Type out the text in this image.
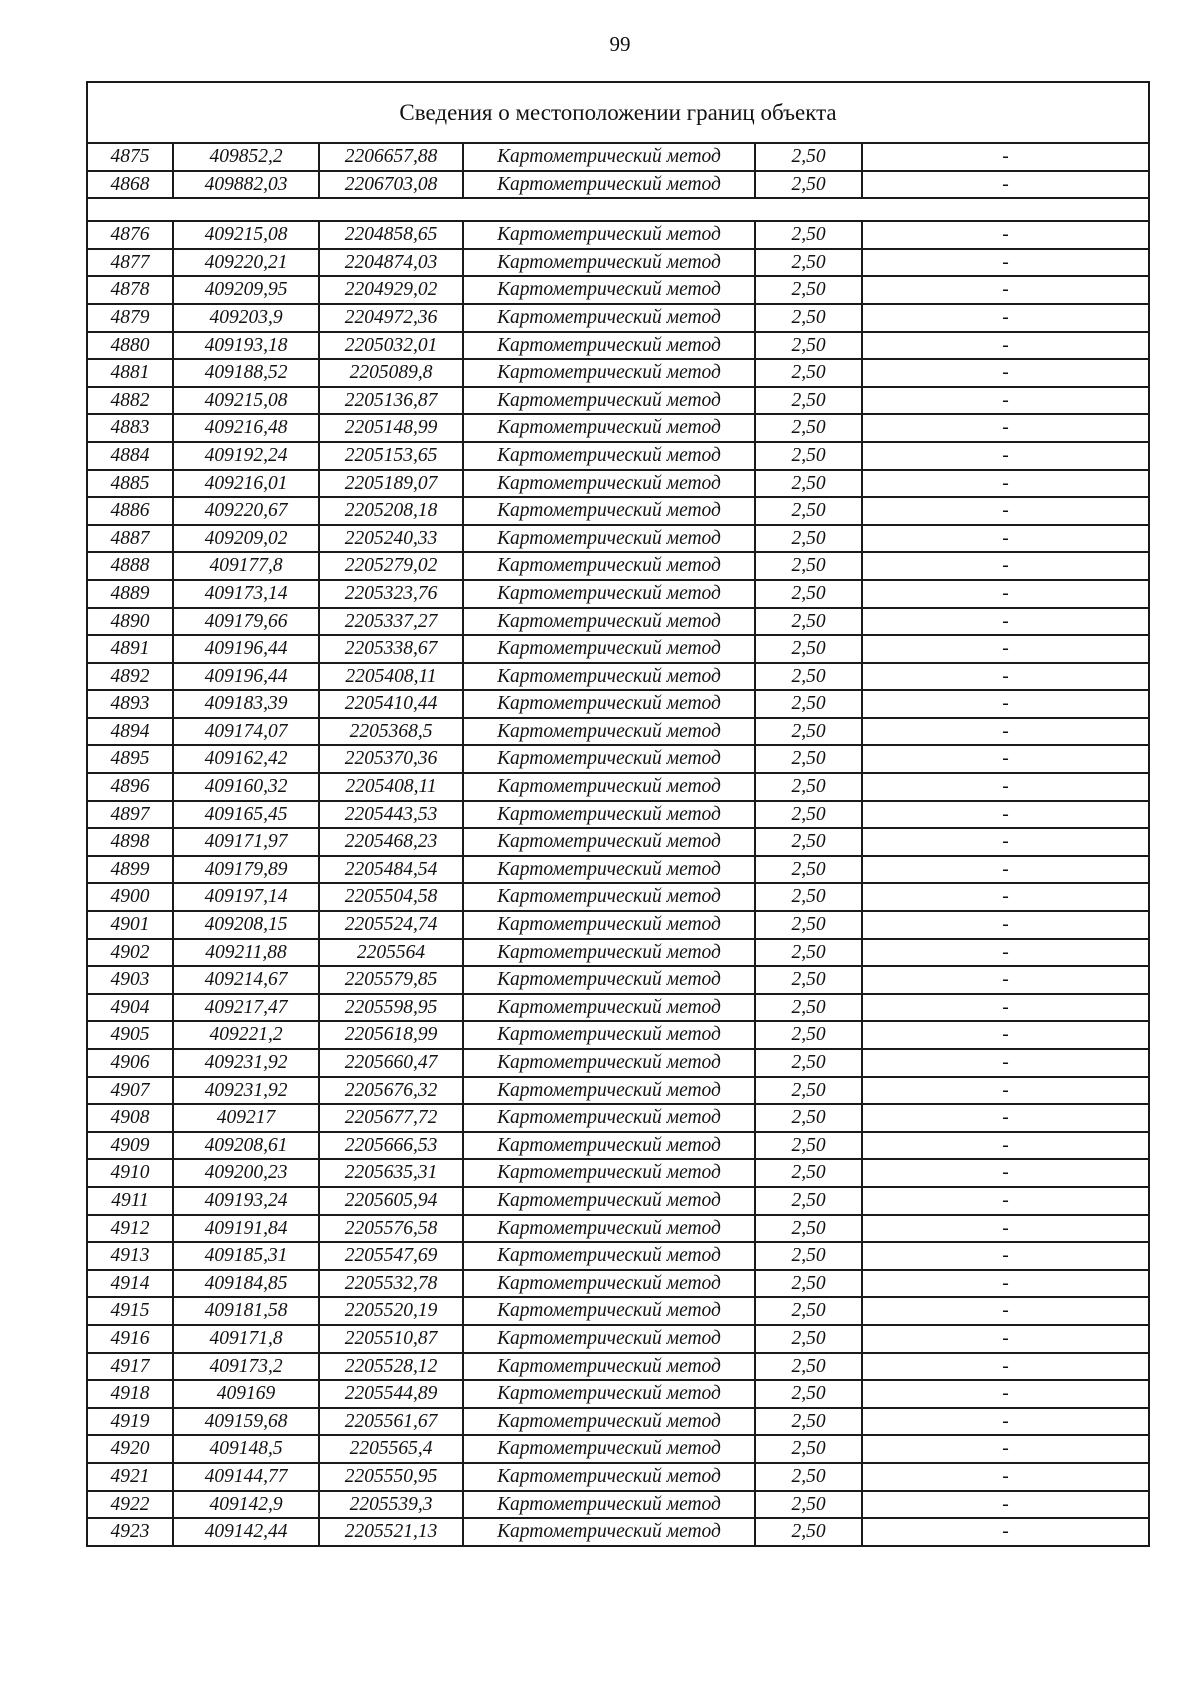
99
Сведения о местоположении границ объекта					
4875	409852,2	2206657,88	Картометрический метод	2,50	-
4868	409882,03	2206703,08	Картометрический метод	2,50	-

4876	409215,08	2204858,65	Картометрический метод	2,50	-
4877	409220,21	2204874,03	Картометрический метод	2,50	-
4878	409209,95	2204929,02	Картометрический метод	2,50	-
4879	409203,9	2204972,36	Картометрический метод	2,50	-
4880	409193,18	2205032,01	Картометрический метод	2,50	-
4881	409188,52	2205089,8	Картометрический метод	2,50	-
4882	409215,08	2205136,87	Картометрический метод	2,50	-
4883	409216,48	2205148,99	Картометрический метод	2,50	-
4884	409192,24	2205153,65	Картометрический метод	2,50	-
4885	409216,01	2205189,07	Картометрический метод	2,50	-
4886	409220,67	2205208,18	Картометрический метод	2,50	-
4887	409209,02	2205240,33	Картометрический метод	2,50	-
4888	409177,8	2205279,02	Картометрический метод	2,50	-
4889	409173,14	2205323,76	Картометрический метод	2,50	-
4890	409179,66	2205337,27	Картометрический метод	2,50	-
4891	409196,44	2205338,67	Картометрический метод	2,50	-
4892	409196,44	2205408,11	Картометрический метод	2,50	-
4893	409183,39	2205410,44	Картометрический метод	2,50	-
4894	409174,07	2205368,5	Картометрический метод	2,50	-
4895	409162,42	2205370,36	Картометрический метод	2,50	-
4896	409160,32	2205408,11	Картометрический метод	2,50	-
4897	409165,45	2205443,53	Картометрический метод	2,50	-
4898	409171,97	2205468,23	Картометрический метод	2,50	-
4899	409179,89	2205484,54	Картометрический метод	2,50	-
4900	409197,14	2205504,58	Картометрический метод	2,50	-
4901	409208,15	2205524,74	Картометрический метод	2,50	-
4902	409211,88	2205564	Картометрический метод	2,50	-
4903	409214,67	2205579,85	Картометрический метод	2,50	-
4904	409217,47	2205598,95	Картометрический метод	2,50	-
4905	409221,2	2205618,99	Картометрический метод	2,50	-
4906	409231,92	2205660,47	Картометрический метод	2,50	-
4907	409231,92	2205676,32	Картометрический метод	2,50	-
4908	409217	2205677,72	Картометрический метод	2,50	-
4909	409208,61	2205666,53	Картометрический метод	2,50	-
4910	409200,23	2205635,31	Картометрический метод	2,50	-
4911	409193,24	2205605,94	Картометрический метод	2,50	-
4912	409191,84	2205576,58	Картометрический метод	2,50	-
4913	409185,31	2205547,69	Картометрический метод	2,50	-
4914	409184,85	2205532,78	Картометрический метод	2,50	-
4915	409181,58	2205520,19	Картометрический метод	2,50	-
4916	409171,8	2205510,87	Картометрический метод	2,50	-
4917	409173,2	2205528,12	Картометрический метод	2,50	-
4918	409169	2205544,89	Картометрический метод	2,50	-
4919	409159,68	2205561,67	Картометрический метод	2,50	-
4920	409148,5	2205565,4	Картометрический метод	2,50	-
4921	409144,77	2205550,95	Картометрический метод	2,50	-
4922	409142,9	2205539,3	Картометрический метод	2,50	-
4923	409142,44	2205521,13	Картометрический метод	2,50	-
